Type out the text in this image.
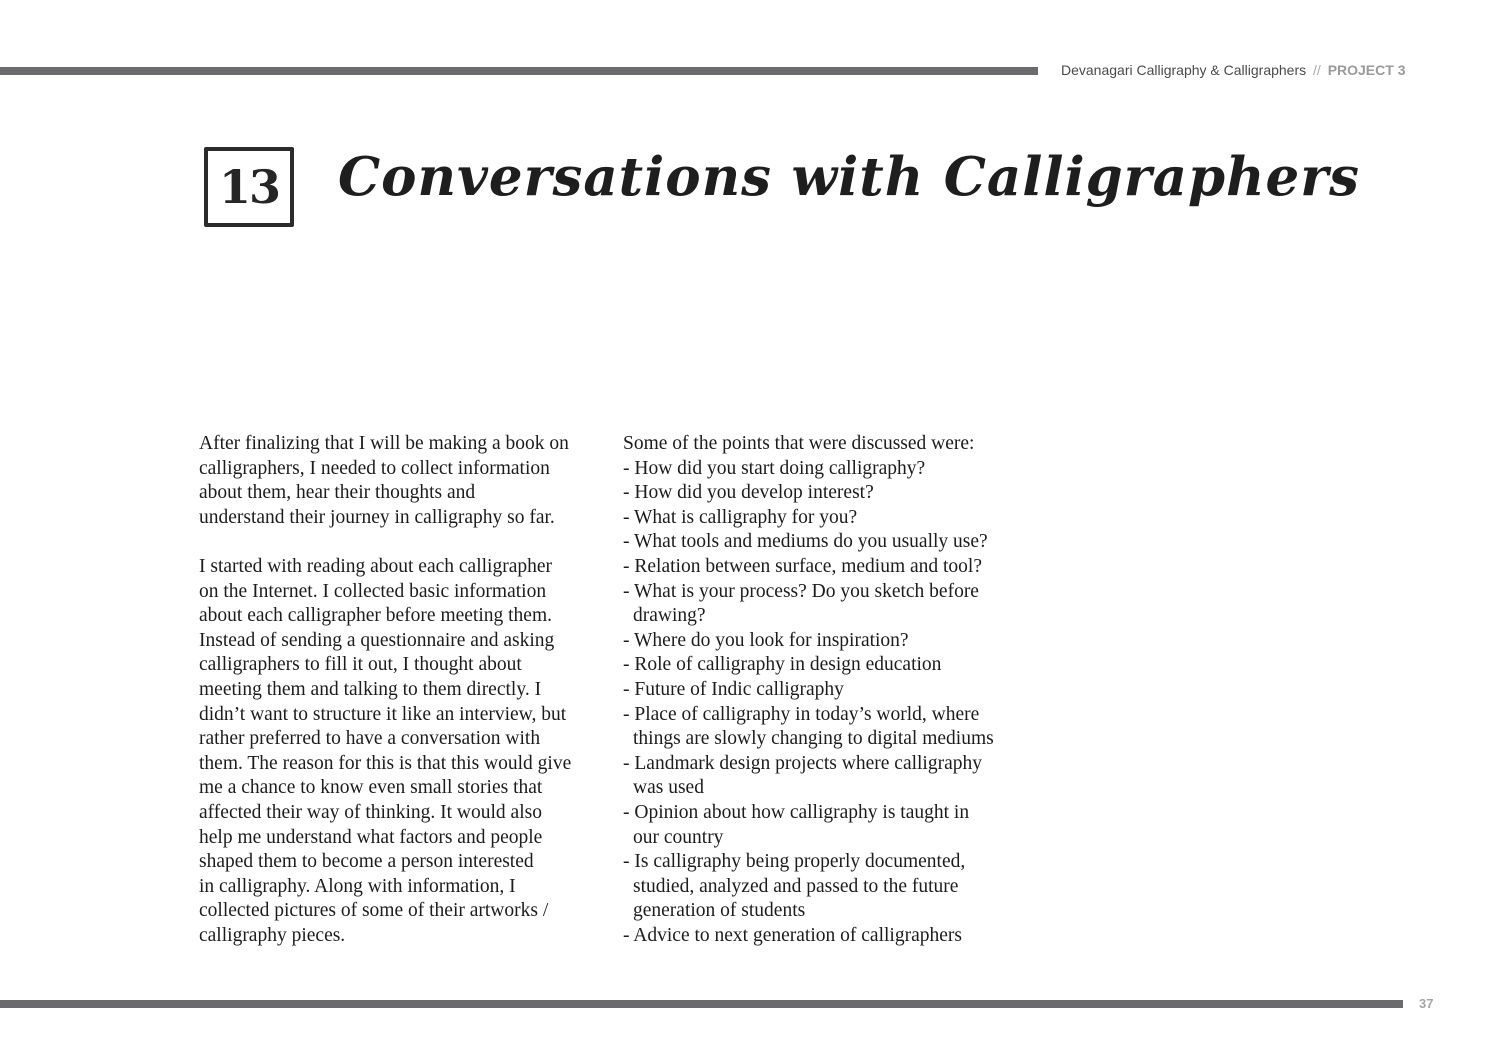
Devanagari Calligraphy & Calligraphers // PROJECT 3
13 Conversations with Calligraphers

After finalizing that I will be making a book on
calligraphers, I needed to collect information
about them, hear their thoughts and
understand their journey in calligraphy so far.

I started with reading about each calligrapher
on the Internet. I collected basic information
about each calligrapher before meeting them.
Instead of sending a questionnaire and asking
calligraphers to fill it out, I thought about
meeting them and talking to them directly. I
didn’t want to structure it like an interview, but
rather preferred to have a conversation with
them. The reason for this is that this would give
me a chance to know even small stories that
affected their way of thinking. It would also
help me understand what factors and people
shaped them to become a person interested
in calligraphy. Along with information, I
collected pictures of some of their artworks /
calligraphy pieces.

Some of the points that were discussed were:

- How did you start doing calligraphy?
- How did you develop interest?
- What is calligraphy for you?
- What tools and mediums do you usually use?
- Relation between surface, medium and tool?
- What is your process? Do you sketch before
drawing?
- Where do you look for inspiration?
- Role of calligraphy in design education
- Future of Indic calligraphy
- Place of calligraphy in today’s world, where
things are slowly changing to digital mediums
- Landmark design projects where calligraphy
was used
- Opinion about how calligraphy is taught in
our country
- Is calligraphy being properly documented,
studied, analyzed and passed to the future
generation of students
- Advice to next generation of calligraphers
37
